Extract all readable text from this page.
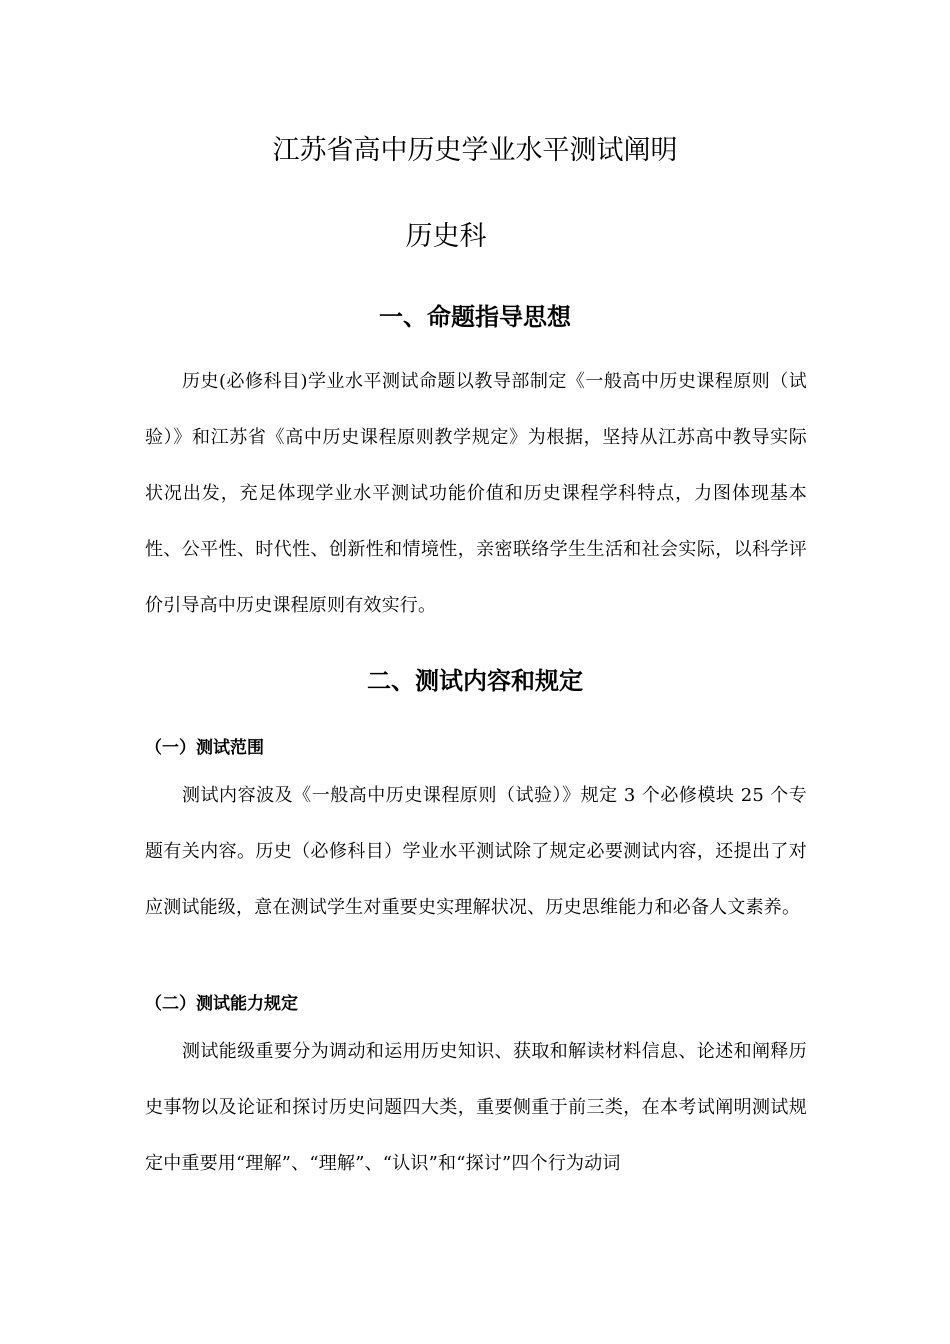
江苏省高中历史学业水平测试阐明
历史科
一、命题指导思想

历史(必修科目)学业水平测试命题以教导部制定《一般高中历史课程原则（试验）》和江苏省《高中历史课程原则教学规定》为根据，坚持从江苏高中教导实际状况出发，充足体现学业水平测试功能价值和历史课程学科特点，力图体现基本性、公平性、时代性、创新性和情境性，亲密联络学生生活和社会实际，以科学评价引导高中历史课程原则有效实行。

二、测试内容和规定
（一）测试范围

测试内容波及《一般高中历史课程原则（试验）》规定 3 个必修模块 25 个专题有关内容。历史（必修科目）学业水平测试除了规定必要测试内容，还提出了对应测试能级，意在测试学生对重要史实理解状况、历史思维能力和必备人文素养。

（二）测试能力规定

测试能级重要分为调动和运用历史知识、获取和解读材料信息、论述和阐释历史事物以及论证和探讨历史问题四大类，重要侧重于前三类，在本考试阐明测试规定中重要用“理解”、“理解”、“认识”和“探讨”四个行为动词
